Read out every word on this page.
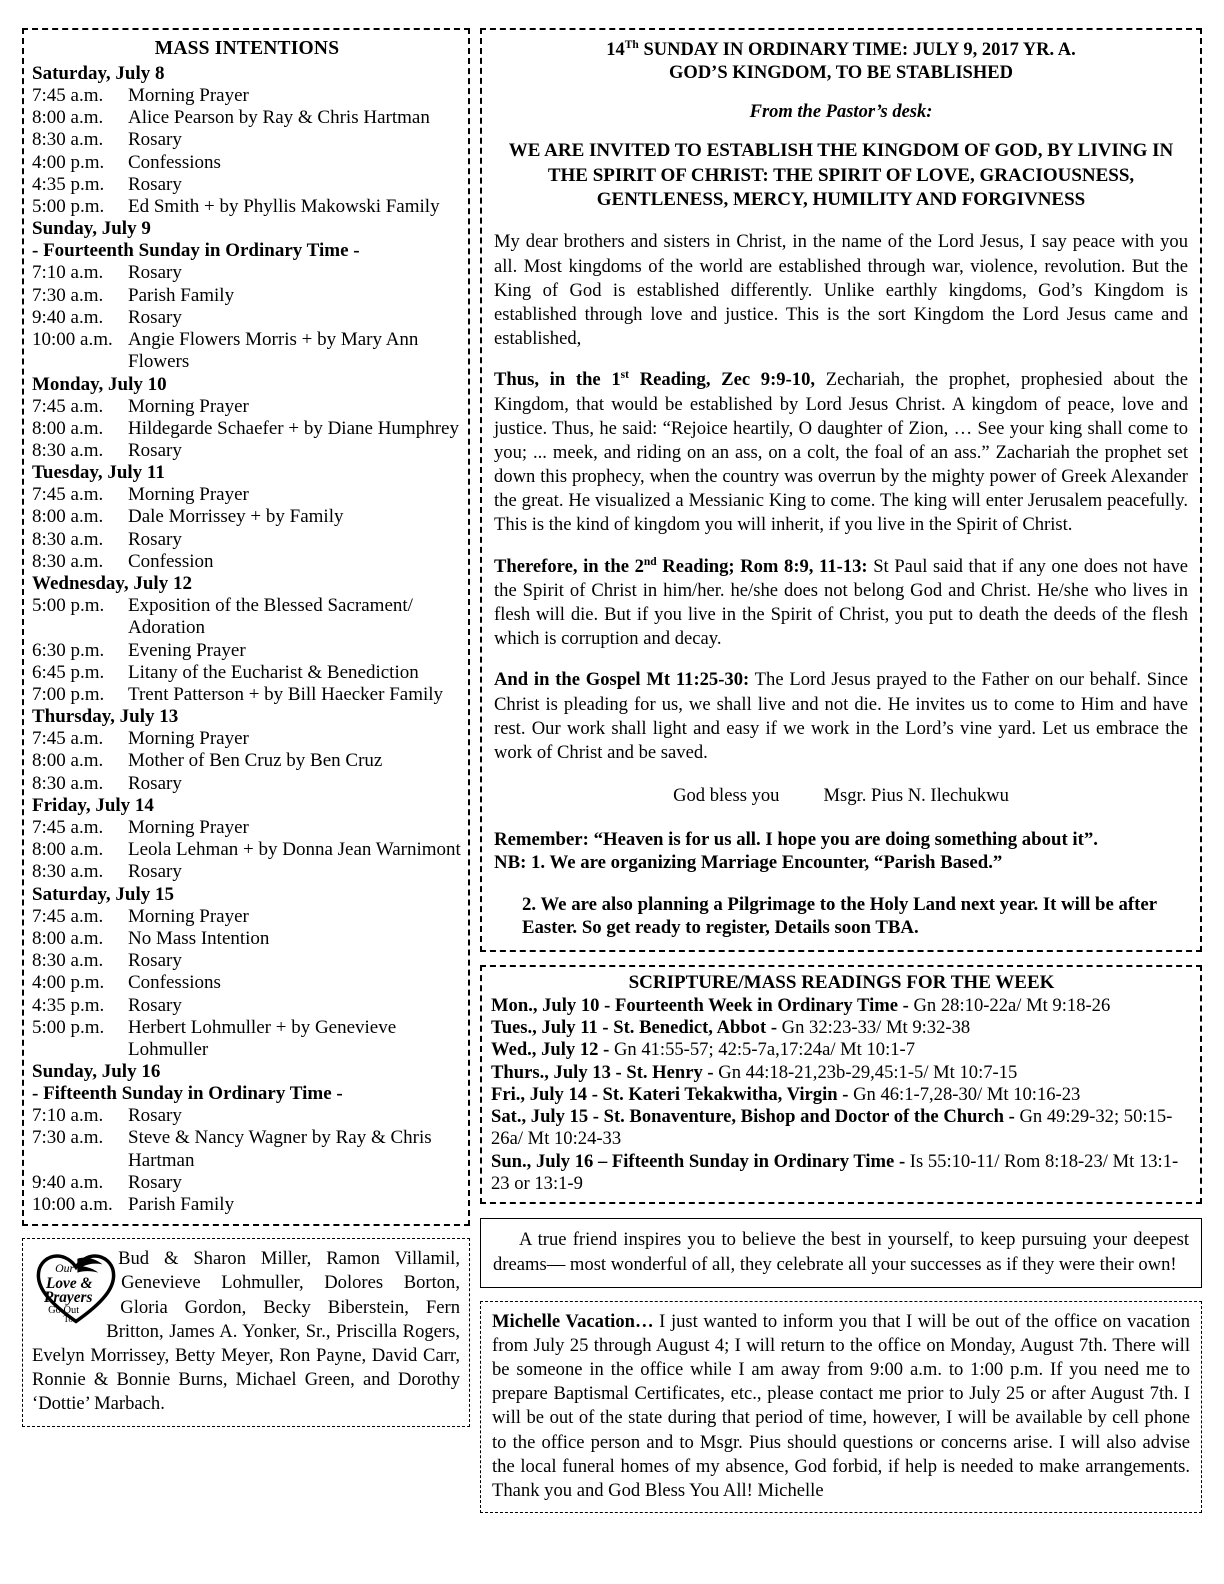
MASS INTENTIONS
Saturday, July 8
7:45 a.m.	Morning Prayer
8:00 a.m.	Alice Pearson by Ray & Chris Hartman
8:30 a.m.	Rosary
4:00 p.m.	Confessions
4:35 p.m.	Rosary
5:00 p.m.	Ed Smith + by Phyllis Makowski Family
Sunday, July 9
- Fourteenth Sunday in Ordinary Time -
7:10 a.m.	Rosary
7:30 a.m.	Parish Family
9:40 a.m.	Rosary
10:00 a.m. Angie Flowers Morris + by Mary Ann Flowers
Monday, July 10
7:45 a.m.	Morning Prayer
8:00 a.m.	Hildegarde Schaefer + by Diane Humphrey
8:30 a.m.	Rosary
Tuesday, July 11
7:45 a.m.	Morning Prayer
8:00 a.m.	Dale Morrissey + by Family
8:30 a.m.	Rosary
8:30 a.m.	Confession
Wednesday, July 12
5:00 p.m.	Exposition of the Blessed Sacrament/ Adoration
6:30 p.m.	Evening Prayer
6:45 p.m.	Litany of the Eucharist & Benediction
7:00 p.m.	Trent Patterson + by Bill Haecker Family
Thursday, July 13
7:45 a.m.	Morning Prayer
8:00 a.m.	Mother of Ben Cruz by Ben Cruz
8:30 a.m.	Rosary
Friday, July 14
7:45 a.m.	Morning Prayer
8:00 a.m.	Leola Lehman + by Donna Jean Warnimont
8:30 a.m.	Rosary
Saturday, July 15
7:45 a.m.	Morning Prayer
8:00 a.m.	No Mass Intention
8:30 a.m.	Rosary
4:00 p.m.	Confessions
4:35 p.m.	Rosary
5:00 p.m.	Herbert Lohmuller + by Genevieve Lohmuller
Sunday, July 16
- Fifteenth Sunday in Ordinary Time -
7:10 a.m.	Rosary
7:30 a.m.	Steve & Nancy Wagner by Ray & Chris Hartman
9:40 a.m.	Rosary
10:00 a.m. Parish Family
Our
Love &
Prayers
Go Out
To..
Bud & Sharon Miller, Ramon Villamil, Genevieve Lohmuller, Dolores Borton, Gloria Gordon, Becky Biberstein, Fern Britton, James A. Yonker, Sr., Priscilla Rogers, Evelyn Morrissey, Betty Meyer, Ron Payne, David Carr, Ronnie & Bonnie Burns, Michael Green, and Dorothy ‘Dottie’ Marbach.
14Th SUNDAY IN ORDINARY TIME: JULY 9, 2017 YR. A.
GOD’S KINGDOM, TO BE STABLISHED
From the Pastor’s desk:
WE ARE INVITED TO ESTABLISH THE KINGDOM OF GOD, BY LIVING IN THE SPIRIT OF CHRIST: THE SPIRIT OF LOVE, GRACIOUSNESS, GENTLENESS, MERCY, HUMILITY AND FORGIVNESS
My dear brothers and sisters in Christ, in the name of the Lord Jesus, I say peace with you all. Most kingdoms of the world are established through war, violence, revolution. But the King of God is established differently. Unlike earthly kingdoms, God’s Kingdom is established through love and justice. This is the sort Kingdom the Lord Jesus came and established,
Thus, in the 1st Reading, Zec 9:9-10, Zechariah, the prophet, prophesied about the Kingdom, that would be established by Lord Jesus Christ. A kingdom of peace, love and justice. Thus, he said: “Rejoice heartily, O daughter of Zion, … See your king shall come to you; ... meek, and riding on an ass, on a colt, the foal of an ass.” Zachariah the prophet set down this prophecy, when the country was overrun by the mighty power of Greek Alexander the great. He visualized a Messianic King to come. The king will enter Jerusalem peacefully. This is the kind of kingdom you will inherit, if you live in the Spirit of Christ.
Therefore, in the 2nd Reading; Rom 8:9, 11-13: St Paul said that if any one does not have the Spirit of Christ in him/her. he/she does not belong God and Christ. He/she who lives in flesh will die. But if you live in the Spirit of Christ, you put to death the deeds of the flesh which is corruption and decay.
And in the Gospel Mt 11:25-30: The Lord Jesus prayed to the Father on our behalf. Since Christ is pleading for us, we shall live and not die. He invites us to come to Him and have rest. Our work shall light and easy if we work in the Lord’s vine yard. Let us embrace the work of Christ and be saved.
God bless you Msgr. Pius N. Ilechukwu
Remember: “Heaven is for us all. I hope you are doing something about it”.
NB: 1. We are organizing Marriage Encounter, “Parish Based.”
2. We are also planning a Pilgrimage to the Holy Land next year. It will be after Easter. So get ready to register, Details soon TBA.
SCRIPTURE/MASS READINGS FOR THE WEEK
Mon., July 10 - Fourteenth Week in Ordinary Time - Gn 28:10-22a/ Mt 9:18-26
Tues., July 11 - St. Benedict, Abbot - Gn 32:23-33/ Mt 9:32-38
Wed., July 12 - Gn 41:55-57; 42:5-7a,17:24a/ Mt 10:1-7
Thurs., July 13 - St. Henry - Gn 44:18-21,23b-29,45:1-5/ Mt 10:7-15
Fri., July 14 - St. Kateri Tekakwitha, Virgin - Gn 46:1-7,28-30/ Mt 10:16-23
Sat., July 15 - St. Bonaventure, Bishop and Doctor of the Church - Gn 49:29-32; 50:15-26a/ Mt 10:24-33
Sun., July 16 – Fifteenth Sunday in Ordinary Time - Is 55:10-11/ Rom 8:18-23/ Mt 13:1-23 or 13:1-9
A true friend inspires you to believe the best in yourself, to keep pursuing your deepest dreams— most wonderful of all, they celebrate all your successes as if they were their own!
Michelle Vacation… I just wanted to inform you that I will be out of the office on vacation from July 25 through August 4; I will return to the office on Monday, August 7th. There will be someone in the office while I am away from 9:00 a.m. to 1:00 p.m. If you need me to prepare Baptismal Certificates, etc., please contact me prior to July 25 or after August 7th. I will be out of the state during that period of time, however, I will be available by cell phone to the office person and to Msgr. Pius should questions or concerns arise. I will also advise the local funeral homes of my absence, God forbid, if help is needed to make arrangements. Thank you and God Bless You All! Michelle
